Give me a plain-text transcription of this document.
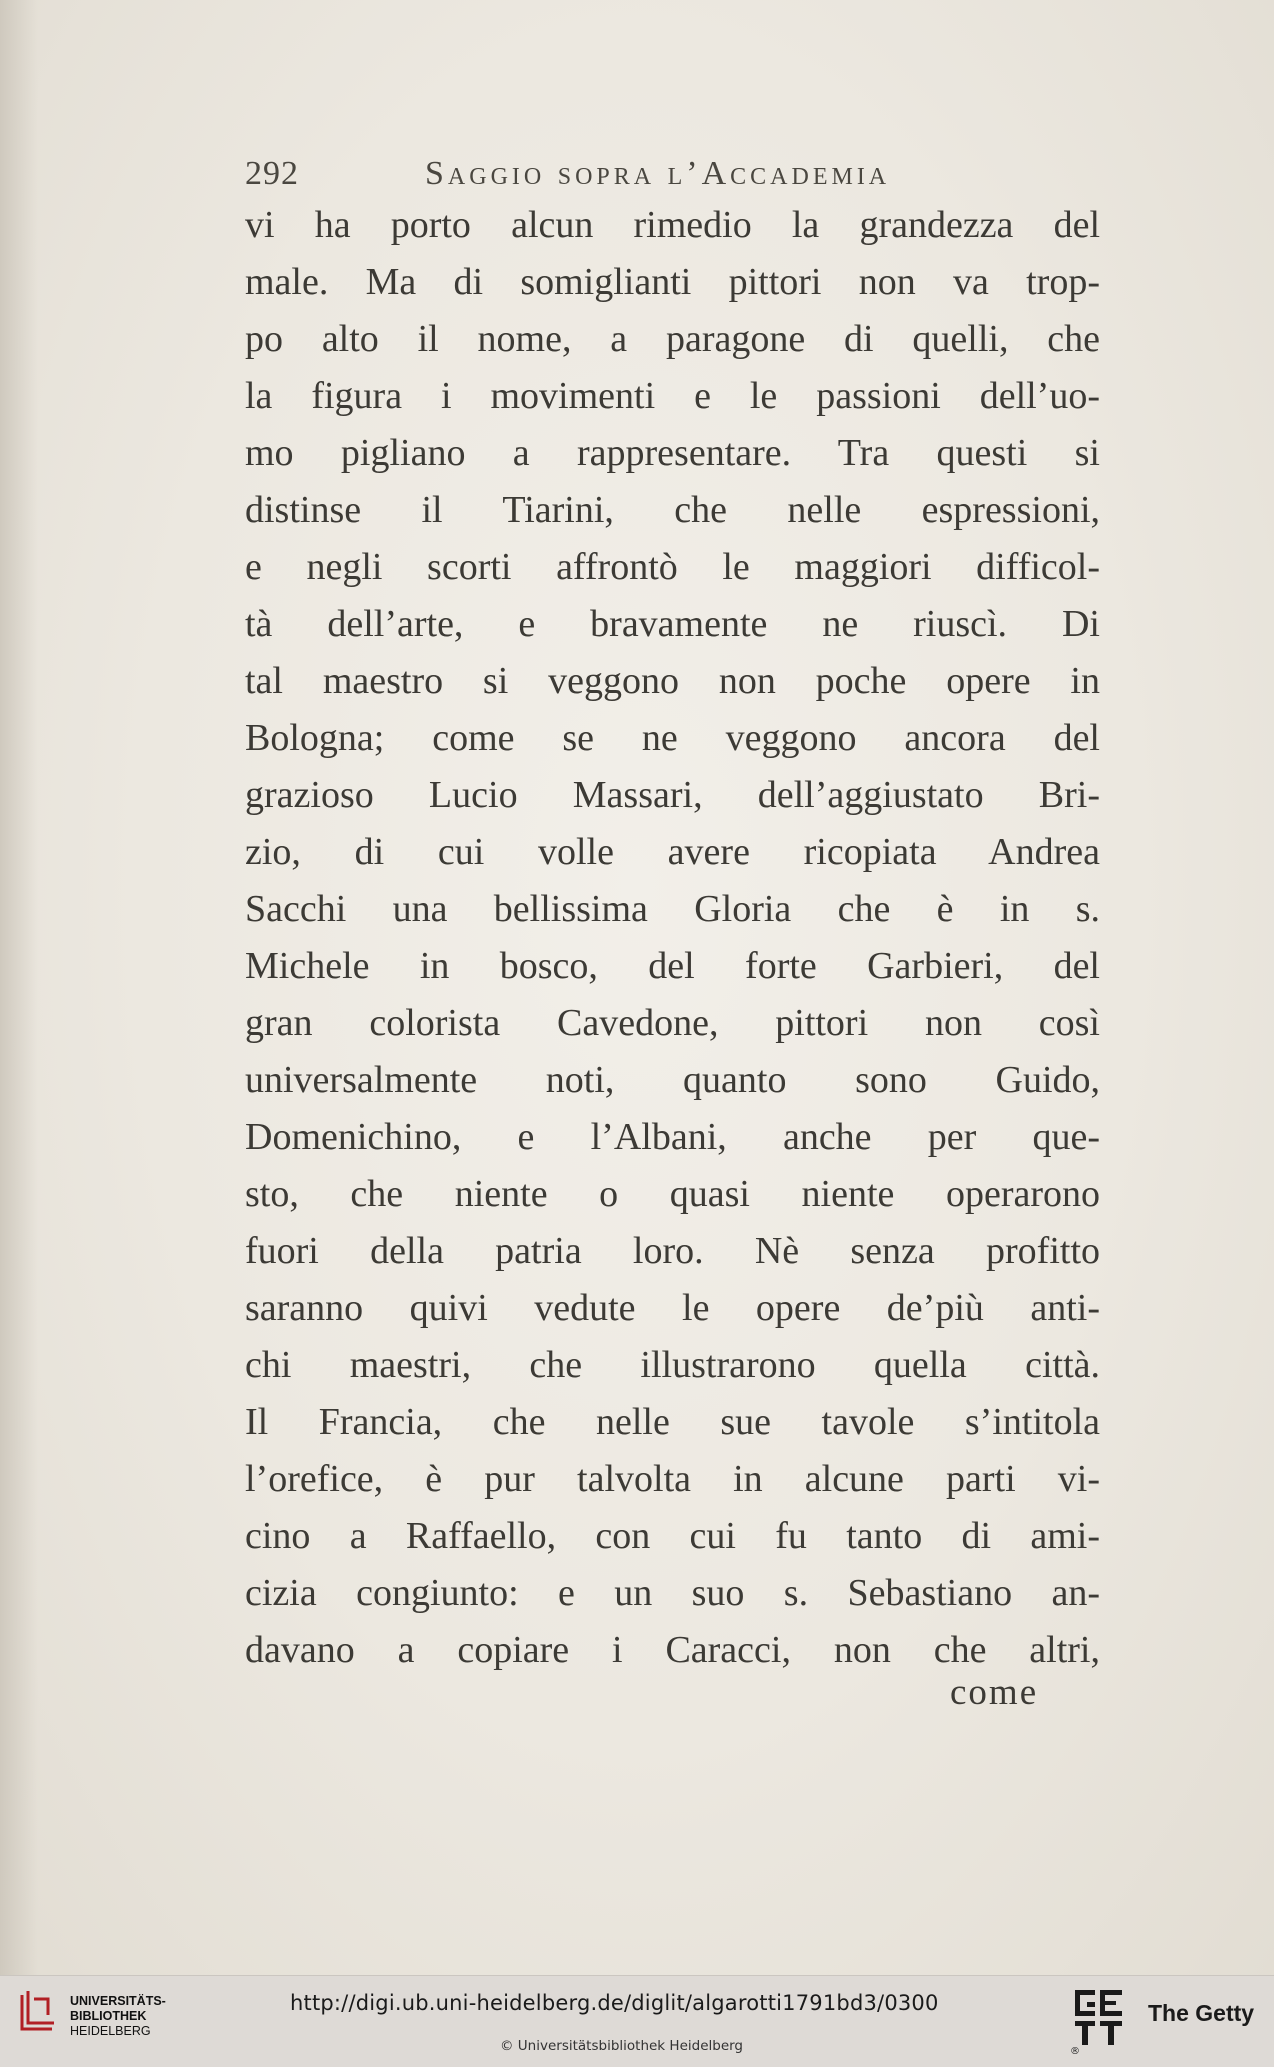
292	Saggio sopra l’Accademia
vi ha porto alcun rimedio la grandezza del
male. Ma di somiglianti pittori non va trop-
po alto il nome, a paragone di quelli, che
la figura i movimenti e le passioni dell’uo-
mo pigliano a rappresentare. Tra questi si
distinse il Tiarini, che nelle espressioni,
e negli scorti affrontò le maggiori difficol-
tà dell’arte, e bravamente ne riuscì. Di
tal maestro si veggono non poche opere in
Bologna; come se ne veggono ancora del
grazioso Lucio Massari, dell’aggiustato Bri-
zio, di cui volle avere ricopiata Andrea
Sacchi una bellissima Gloria che è in s.
Michele in bosco, del forte Garbieri, del
gran colorista Cavedone, pittori non così
universalmente noti, quanto sono Guido,
Domenichino, e l’Albani, anche per que-
sto, che niente o quasi niente operarono
fuori della patria loro. Nè senza profitto
saranno quivi vedute le opere de’più anti-
chi maestri, che illustrarono quella città.
Il Francia, che nelle sue tavole s’intitola
l’orefice, è pur talvolta in alcune parti vi-
cino a Raffaello, con cui fu tanto di ami-
cizia congiunto: e un suo s. Sebastiano an-
davano a copiare i Caracci, non che altri,
come
UNIVERSITÄTS-
BIBLIOTHEK
HEIDELBERG
http://digi.ub.uni-heidelberg.de/diglit/algarotti1791bd3/0300
© Universitätsbibliothek Heidelberg	®
The Getty
